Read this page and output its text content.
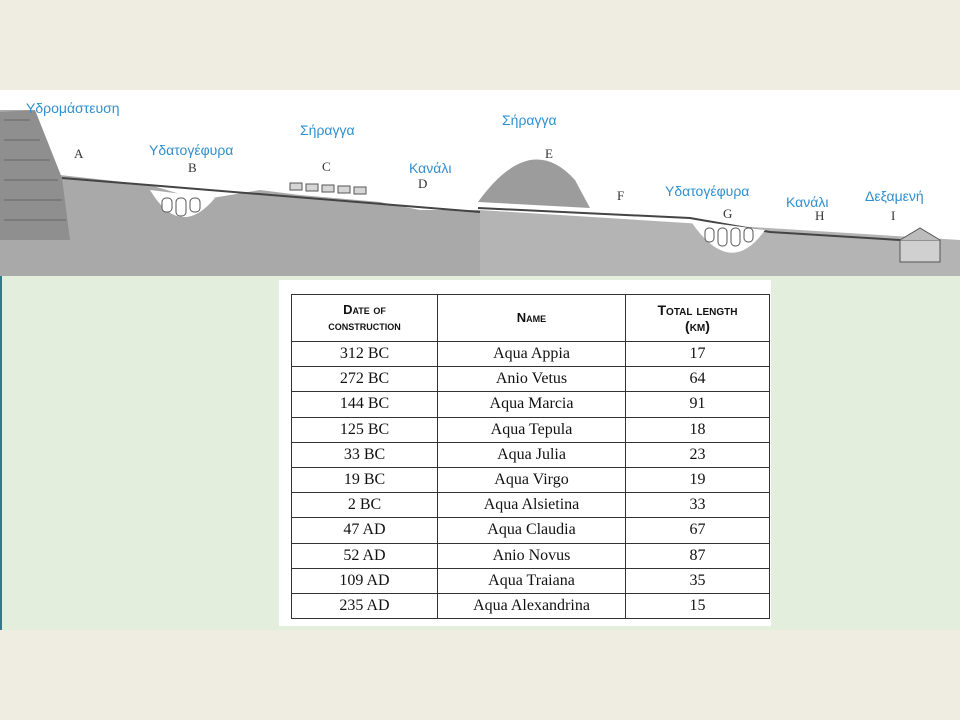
Υδρομάστευση
Υδατογέφυρα
Σήραγγα
Κανάλι
Σήραγγα
Υδατογέφυρα
Κανάλι	Δεξαμενή
A
B	C
D
E
F
G	H	I
Date of
construction	Name	Total length
(km)
312 BC	Aqua Appia	17
272 BC	Anio Vetus	64
144 BC	Aqua Marcia	91
125 BC	Aqua Tepula	18
33 BC	Aqua Julia	23
19 BC	Aqua Virgo	19
2 BC	Aqua Alsietina	33
47 AD	Aqua Claudia	67
52 AD	Anio Novus	87
109 AD	Aqua Traiana	35
235 AD	Aqua Alexandrina	15
